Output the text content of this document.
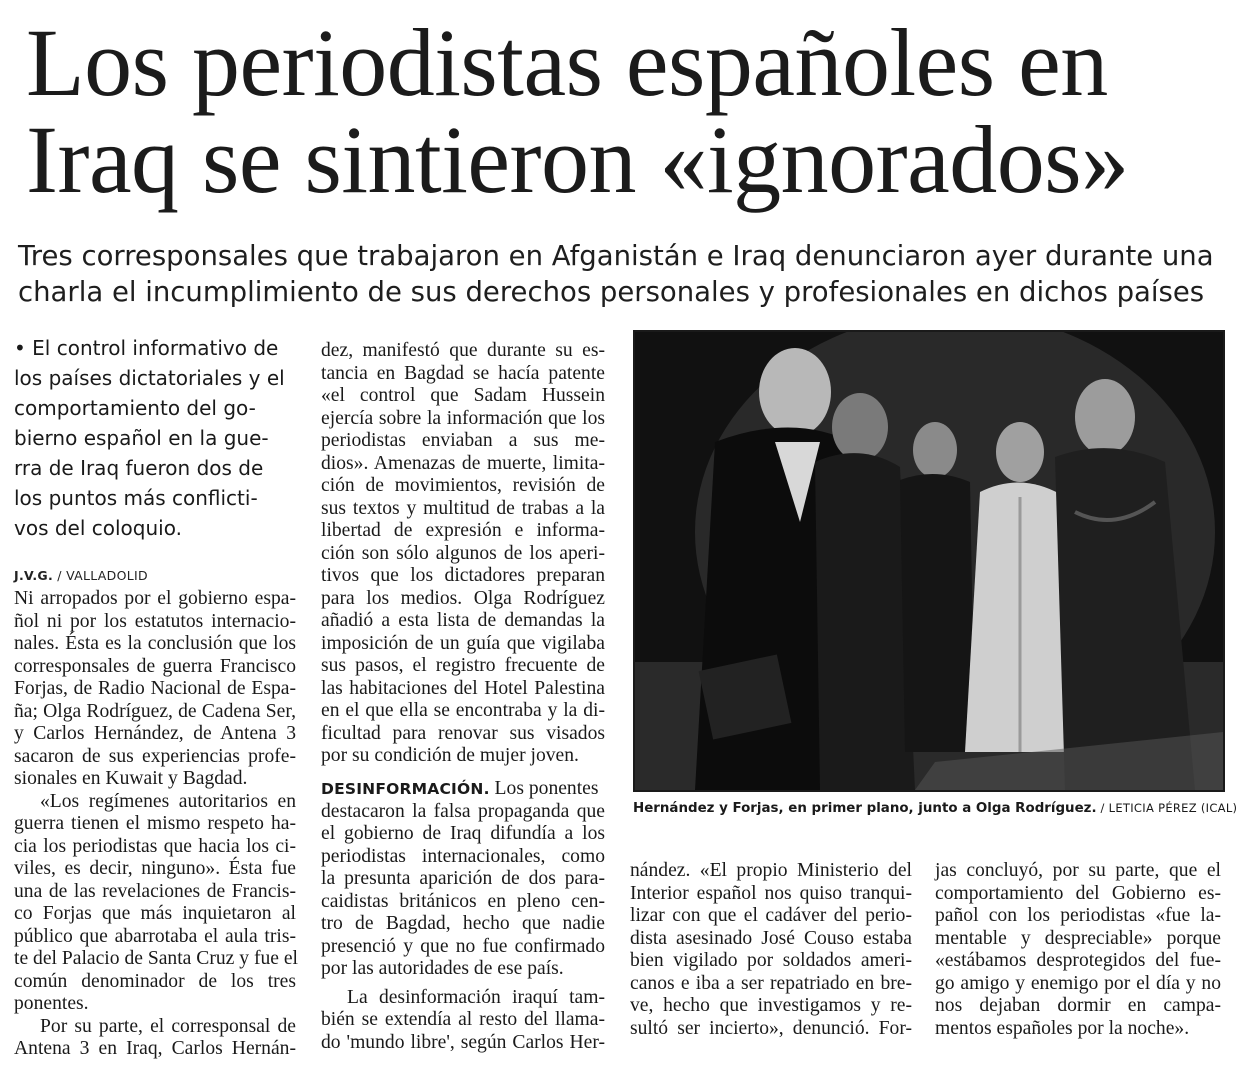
Los periodistas españoles en
Iraq se sintieron «ignorados»
Tres corresponsales que trabajaron en Afganistán e Iraq denunciaron ayer durante una
charla el incumplimiento de sus derechos personales y profesionales en dichos países
• El control informativo de
los países dictatoriales y el
comportamiento del go-
bierno español en la gue-
rra de Iraq fueron dos de
los puntos más conflicti-
vos del coloquio.
J.V.G. / VALLADOLID
Ni arropados por el gobierno espa-
ñol ni por los estatutos internacio-
nales. Ésta es la conclusión que los
corresponsales de guerra Francisco
Forjas, de Radio Nacional de Espa-
ña; Olga Rodríguez, de Cadena Ser,
y Carlos Hernández, de Antena 3
sacaron de sus experiencias profe-
sionales en Kuwait y Bagdad.
«Los regímenes autoritarios en
guerra tienen el mismo respeto ha-
cia los periodistas que hacia los ci-
viles, es decir, ninguno». Ésta fue
una de las revelaciones de Francis-
co Forjas que más inquietaron al
público que abarrotaba el aula tris-
te del Palacio de Santa Cruz y fue el
común denominador de los tres
ponentes.
Por su parte, el corresponsal de
Antena 3 en Iraq, Carlos Hernán-
dez, manifestó que durante su es-
tancia en Bagdad se hacía patente
«el control que Sadam Hussein
ejercía sobre la información que los
periodistas enviaban a sus me-
dios». Amenazas de muerte, limita-
ción de movimientos, revisión de
sus textos y multitud de trabas a la
libertad de expresión e informa-
ción son sólo algunos de los aperi-
tivos que los dictadores preparan
para los medios. Olga Rodríguez
añadió a esta lista de demandas la
imposición de un guía que vigilaba
sus pasos, el registro frecuente de
las habitaciones del Hotel Palestina
en el que ella se encontraba y la di-
ficultad para renovar sus visados
por su condición de mujer joven.
DESINFORMACIÓN. Los ponentes
destacaron la falsa propaganda que
el gobierno de Iraq difundía a los
periodistas internacionales, como
la presunta aparición de dos para-
caidistas británicos en pleno cen-
tro de Bagdad, hecho que nadie
presenció y que no fue confirmado
por las autoridades de ese país.
La desinformación iraquí tam-
bién se extendía al resto del llama-
do 'mundo libre', según Carlos Her-
nández. «El propio Ministerio del
Interior español nos quiso tranqui-
lizar con que el cadáver del perio-
dista asesinado José Couso estaba
bien vigilado por soldados ameri-
canos e iba a ser repatriado en bre-
ve, hecho que investigamos y re-
sultó ser incierto», denunció. For-
jas concluyó, por su parte, que el
comportamiento del Gobierno es-
pañol con los periodistas «fue la-
mentable y despreciable» porque
«estábamos desprotegidos del fue-
go amigo y enemigo por el día y no
nos dejaban dormir en campa-
mentos españoles por la noche».
Hernández y Forjas, en primer plano, junto a Olga Rodríguez. / LETICIA PÉREZ (ICAL)
